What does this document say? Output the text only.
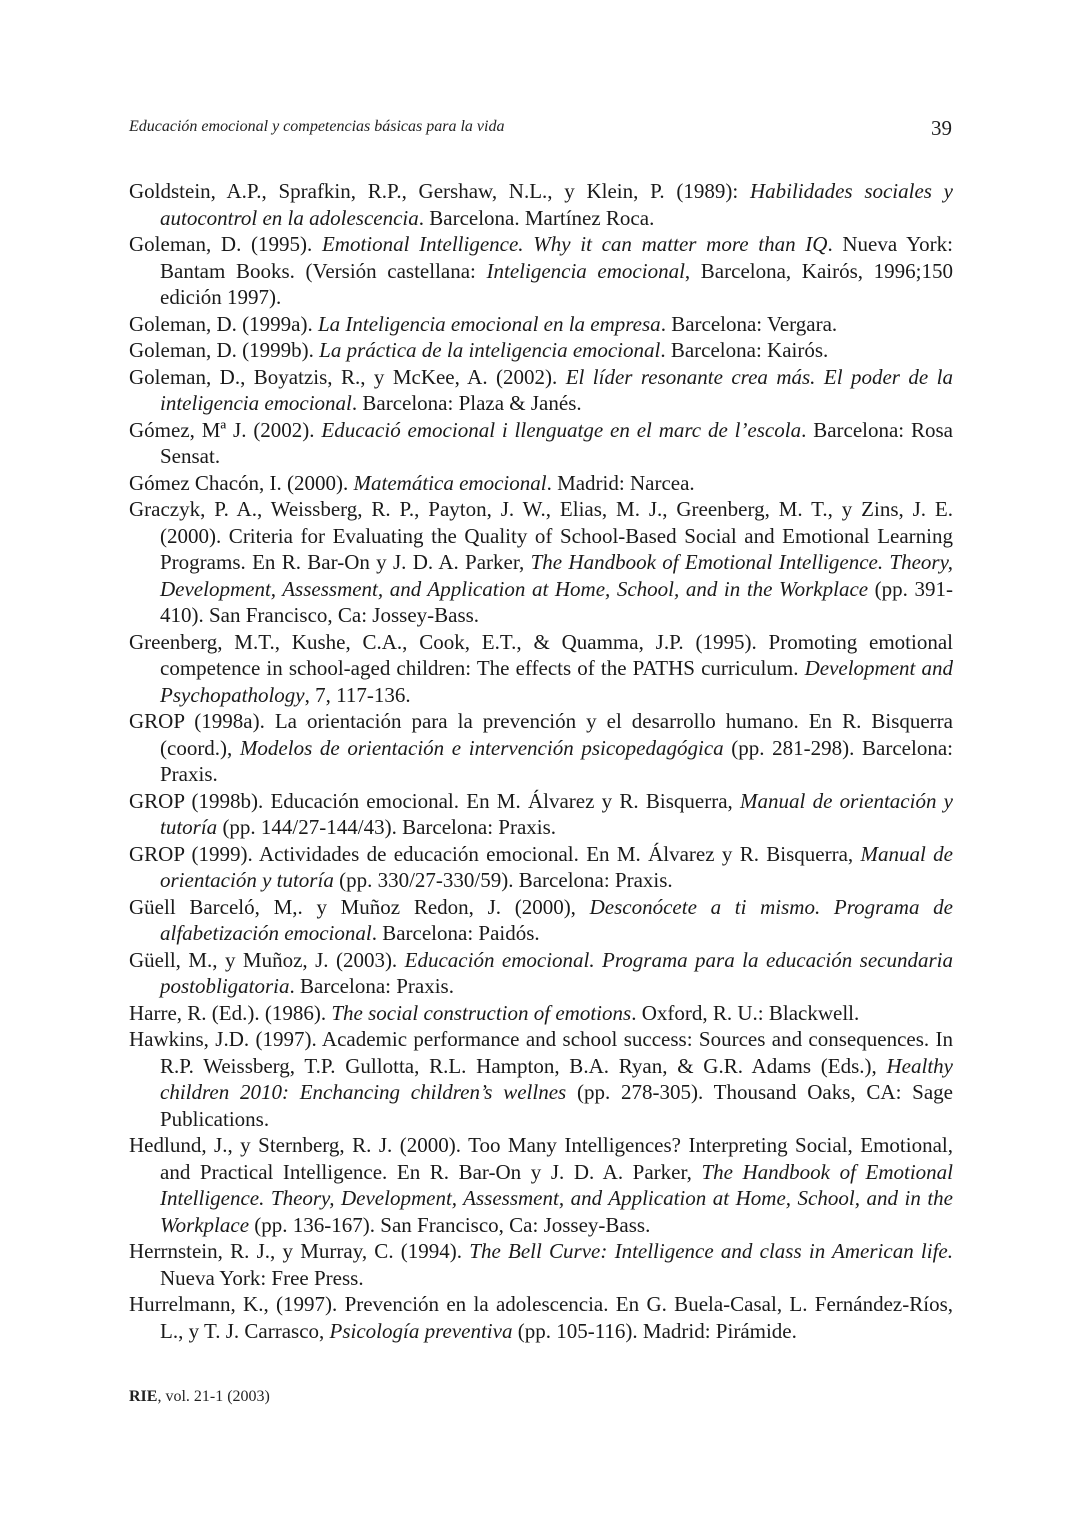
Educación emocional y competencias básicas para la vida	39
Goldstein, A.P., Sprafkin, R.P., Gershaw, N.L., y Klein, P. (1989): Habilidades sociales y autocontrol en la adolescencia. Barcelona. Martínez Roca.
Goleman, D. (1995). Emotional Intelligence. Why it can matter more than IQ. Nueva York: Bantam Books. (Versión castellana: Inteligencia emocional, Barcelona, Kairós, 1996;150 edición 1997).
Goleman, D. (1999a). La Inteligencia emocional en la empresa. Barcelona: Vergara.
Goleman, D. (1999b). La práctica de la inteligencia emocional. Barcelona: Kairós.
Goleman, D., Boyatzis, R., y McKee, A. (2002). El líder resonante crea más. El poder de la inteligencia emocional. Barcelona: Plaza & Janés.
Gómez, Mª J. (2002). Educació emocional i llenguatge en el marc de l’escola. Barcelona: Rosa Sensat.
Gómez Chacón, I. (2000). Matemática emocional. Madrid: Narcea.
Graczyk, P. A., Weissberg, R. P., Payton, J. W., Elias, M. J., Greenberg, M. T., y Zins, J. E. (2000). Criteria for Evaluating the Quality of School-Based Social and Emotional Learning Programs. En R. Bar-On y J. D. A. Parker, The Handbook of Emotional Intelligence. Theory, Development, Assessment, and Application at Home, School, and in the Workplace (pp. 391-410). San Francisco, Ca: Jossey-Bass.
Greenberg, M.T., Kushe, C.A., Cook, E.T., & Quamma, J.P. (1995). Promoting emotional competence in school-aged children: The effects of the PATHS curriculum. Development and Psychopathology, 7, 117-136.
GROP (1998a). La orientación para la prevención y el desarrollo humano. En R. Bisquerra (coord.), Modelos de orientación e intervención psicopedagógica (pp. 281-298). Barcelona: Praxis.
GROP (1998b). Educación emocional. En M. Álvarez y R. Bisquerra, Manual de orientación y tutoría (pp. 144/27-144/43). Barcelona: Praxis.
GROP (1999). Actividades de educación emocional. En M. Álvarez y R. Bisquerra, Manual de orientación y tutoría (pp. 330/27-330/59). Barcelona: Praxis.
Güell Barceló, M,. y Muñoz Redon, J. (2000), Desconócete a ti mismo. Programa de alfabetización emocional. Barcelona: Paidós.
Güell, M., y Muñoz, J. (2003). Educación emocional. Programa para la educación secundaria postobligatoria. Barcelona: Praxis.
Harre, R. (Ed.). (1986). The social construction of emotions. Oxford, R. U.: Blackwell.
Hawkins, J.D. (1997). Academic performance and school success: Sources and consequences. In R.P. Weissberg, T.P. Gullotta, R.L. Hampton, B.A. Ryan, & G.R. Adams (Eds.), Healthy children 2010: Enchancing children’s wellnes (pp. 278-305). Thousand Oaks, CA: Sage Publications.
Hedlund, J., y Sternberg, R. J. (2000). Too Many Intelligences? Interpreting Social, Emotional, and Practical Intelligence. En R. Bar-On y J. D. A. Parker, The Handbook of Emotional Intelligence. Theory, Development, Assessment, and Application at Home, School, and in the Workplace (pp. 136-167). San Francisco, Ca: Jossey-Bass.
Herrnstein, R. J., y Murray, C. (1994). The Bell Curve: Intelligence and class in American life. Nueva York: Free Press.
Hurrelmann, K., (1997). Prevención en la adolescencia. En G. Buela-Casal, L. Fernández-Ríos, L., y T. J. Carrasco, Psicología preventiva (pp. 105-116). Madrid: Pirámide.
RIE, vol. 21-1 (2003)
